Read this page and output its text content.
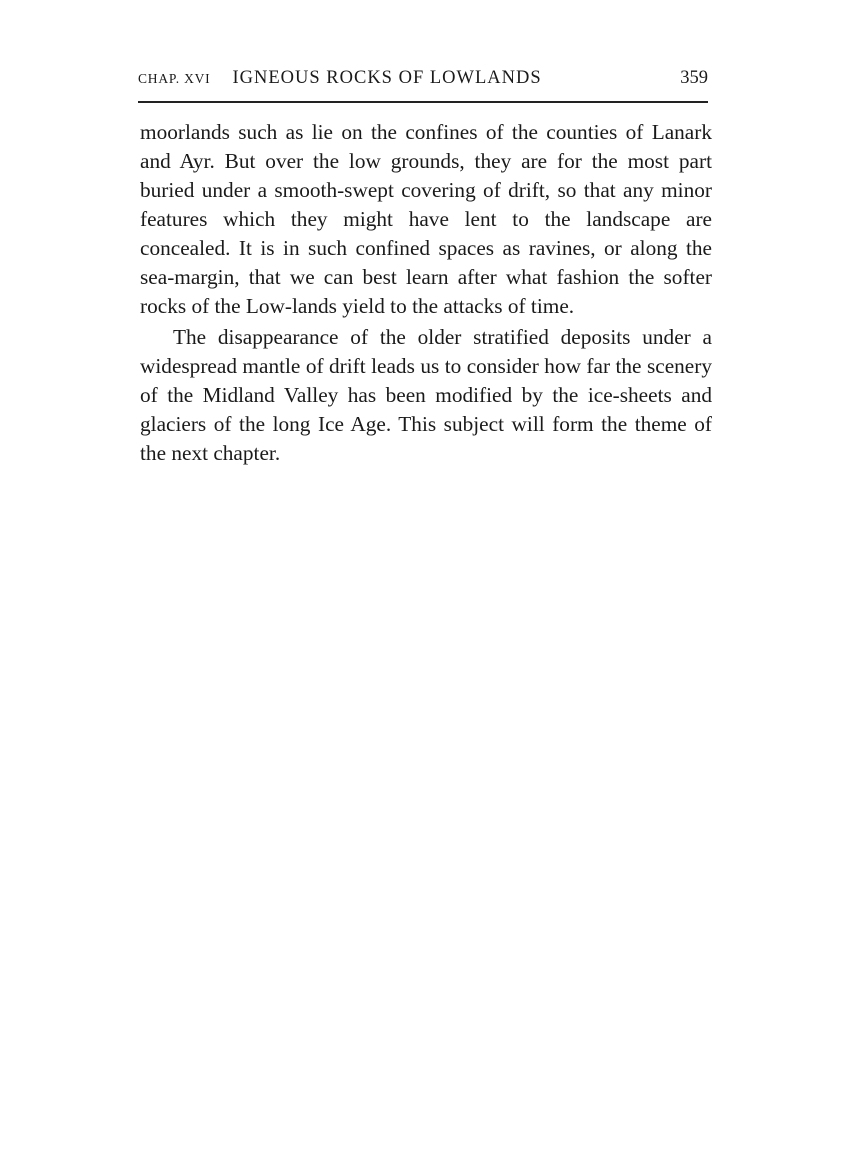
CHAP. XVI IGNEOUS ROCKS OF LOWLANDS	359

moorlands such as lie on the confines of the counties of Lanark and Ayr. But over the low grounds, they are for the most part buried under a smooth-swept covering of drift, so that any minor features which they might have lent to the landscape are concealed. It is in such confined spaces as ravines, or along the sea-margin, that we can best learn after what fashion the softer rocks of the Low-lands yield to the attacks of time.

The disappearance of the older stratified deposits under a widespread mantle of drift leads us to consider how far the scenery of the Midland Valley has been modified by the ice-sheets and glaciers of the long Ice Age. This subject will form the theme of the next chapter.
